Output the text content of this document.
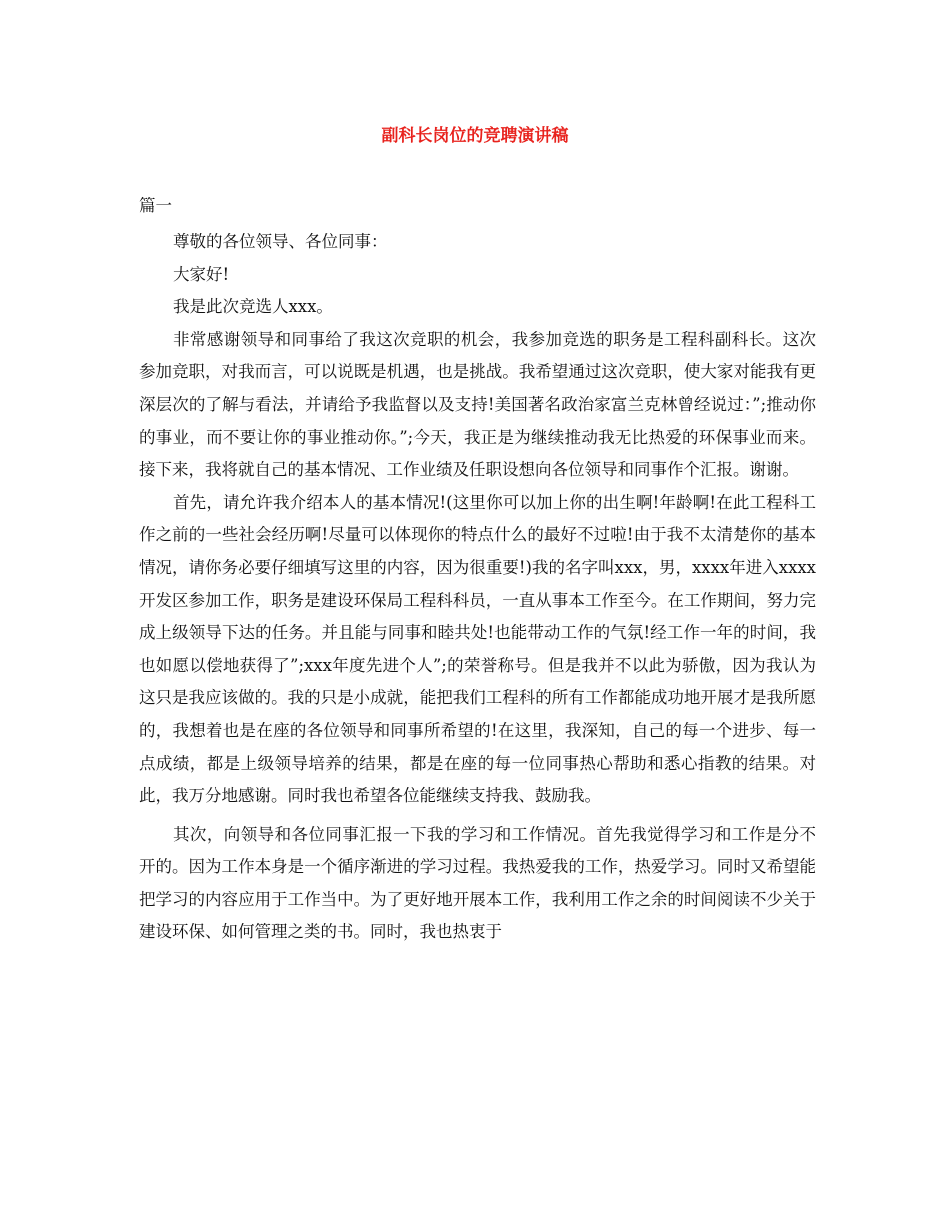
副科长岗位的竞聘演讲稿

篇一

尊敬的各位领导、各位同事：

大家好!

我是此次竞选人xxx。

非常感谢领导和同事给了我这次竞职的机会，我参加竞选的职务是工程科副科长。这次参加竞职，对我而言，可以说既是机遇，也是挑战。我希望通过这次竞职，使大家对能我有更深层次的了解与看法，并请给予我监督以及支持!美国著名政治家富兰克林曾经说过：”;推动你的事业，而不要让你的事业推动你。”;今天，我正是为继续推动我无比热爱的环保事业而来。接下来，我将就自己的基本情况、工作业绩及任职设想向各位领导和同事作个汇报。谢谢。

首先，请允许我介绍本人的基本情况!(这里你可以加上你的出生啊!年龄啊!在此工程科工作之前的一些社会经历啊!尽量可以体现你的特点什么的最好不过啦!由于我不太清楚你的基本情况，请你务必要仔细填写这里的内容，因为很重要!)我的名字叫xxx，男，xxxx年进入xxxx开发区参加工作，职务是建设环保局工程科科员，一直从事本工作至今。在工作期间，努力完成上级领导下达的任务。并且能与同事和睦共处!也能带动工作的气氛!经工作一年的时间，我也如愿以偿地获得了”;xxx年度先进个人”;的荣誉称号。但是我并不以此为骄傲，因为我认为这只是我应该做的。我的只是小成就，能把我们工程科的所有工作都能成功地开展才是我所愿的，我想着也是在座的各位领导和同事所希望的!在这里，我深知，自己的每一个进步、每一点成绩，都是上级领导培养的结果，都是在座的每一位同事热心帮助和悉心指教的结果。对此，我万分地感谢。同时我也希望各位能继续支持我、鼓励我。

其次，向领导和各位同事汇报一下我的学习和工作情况。首先我觉得学习和工作是分不开的。因为工作本身是一个循序渐进的学习过程。我热爱我的工作，热爱学习。同时又希望能把学习的内容应用于工作当中。为了更好地开展本工作，我利用工作之余的时间阅读不少关于建设环保、如何管理之类的书。同时，我也热衷于
